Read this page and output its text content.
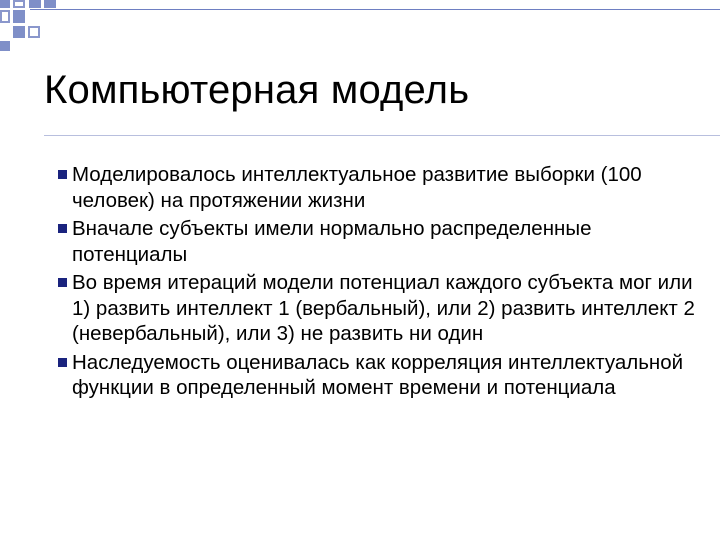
Компьютерная модель
Моделировалось интеллектуальное развитие выборки (100 человек) на протяжении жизни
Вначале субъекты имели нормально распределенные потенциалы
Во время итераций модели потенциал каждого субъекта мог или 1) развить интеллект 1 (вербальный), или 2) развить интеллект 2 (невербальный), или 3) не развить ни один
Наследуемость оценивалась как корреляция интеллектуальной функции в определенный момент времени и потенциала
